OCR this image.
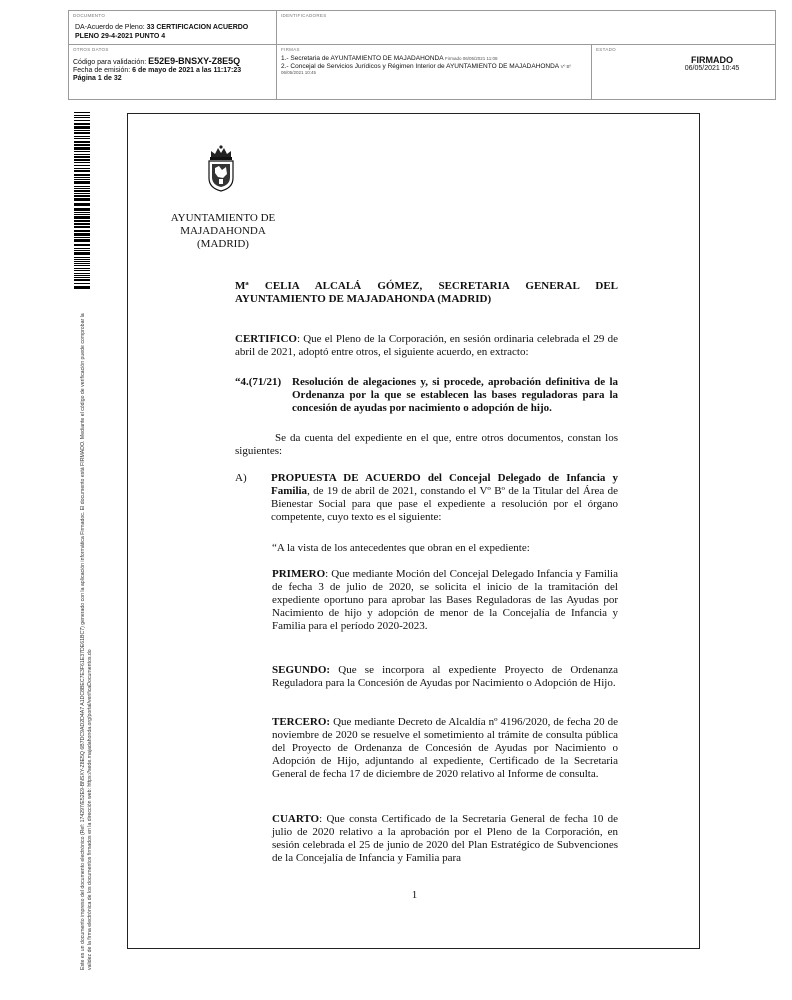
DOCUMENTO
DA-Acuerdo de Pleno: 33 CERTIFICACION ACUERDO PLENO 29-4-2021 PUNTO 4
IDENTIFICADORES
OTROS DATOS
Código para validación: E52E9-BNSXY-Z8E5Q
Fecha de emisión: 6 de mayo de 2021 a las 11:17:23
Página 1 de 32
FIRMAS
1.- Secretaria de AYUNTAMIENTO DE MAJADAHONDA Firmado 06/05/2021 11:08
2.- Concejal de Servicios Jurídicos y Régimen Interior de AYUNTAMIENTO DE MAJADAHONDA Vº Bº
06/05/2021 10:45
ESTADO
FIRMADO
06/05/2021 10:45
Este es un documento impreso del documento electrónico (Ref: 174297/E52E9-BNSXY-Z8E5Q 6B7DC9AD2D4A7 A1DC8BEC7E3F61E37DE61BC7) generado con la aplicación informática Firmadoc. El documento está FIRMADO. Mediante el código de verificación puede comprobar la validez de la firma electrónica de los documentos firmados en la dirección web: https://sede.majadahonda.org/portal/verificaDocumentos.do
AYUNTAMIENTO DE
MAJADAHONDA
(MADRID)
Mª CELIA ALCALÁ GÓMEZ, SECRETARIA GENERAL DEL AYUNTAMIENTO DE MAJADAHONDA (MADRID)
CERTIFICO: Que el Pleno de la Corporación, en sesión ordinaria celebrada el 29 de abril de 2021, adoptó entre otros, el siguiente acuerdo, en extracto:
“4.(71/21) Resolución de alegaciones y, si procede, aprobación definitiva de la Ordenanza por la que se establecen las bases reguladoras para la concesión de ayudas por nacimiento o adopción de hijo.
Se da cuenta del expediente en el que, entre otros documentos, constan los siguientes:
A) PROPUESTA DE ACUERDO del Concejal Delegado de Infancia y Familia, de 19 de abril de 2021, constando el Vº Bº de la Titular del Área de Bienestar Social para que pase el expediente a resolución por el órgano competente, cuyo texto es el siguiente:
“A la vista de los antecedentes que obran en el expediente:
PRIMERO: Que mediante Moción del Concejal Delegado Infancia y Familia de fecha 3 de julio de 2020, se solicita el inicio de la tramitación del expediente oportuno para aprobar las Bases Reguladoras de las Ayudas por Nacimiento de hijo y adopción de menor de la Concejalía de Infancia y Familia para el período 2020-2023.
SEGUNDO: Que se incorpora al expediente Proyecto de Ordenanza Reguladora para la Concesión de Ayudas por Nacimiento o Adopción de Hijo.
TERCERO: Que mediante Decreto de Alcaldía nº 4196/2020, de fecha 20 de noviembre de 2020 se resuelve el sometimiento al trámite de consulta pública del Proyecto de Ordenanza de Concesión de Ayudas por Nacimiento o Adopción de Hijo, adjuntando al expediente, Certificado de la Secretaria General de fecha 17 de diciembre de 2020 relativo al Informe de consulta.
CUARTO: Que consta Certificado de la Secretaria General de fecha 10 de julio de 2020 relativo a la aprobación por el Pleno de la Corporación, en sesión celebrada el 25 de junio de 2020 del Plan Estratégico de Subvenciones de la Concejalía de Infancia y Familia para
1
